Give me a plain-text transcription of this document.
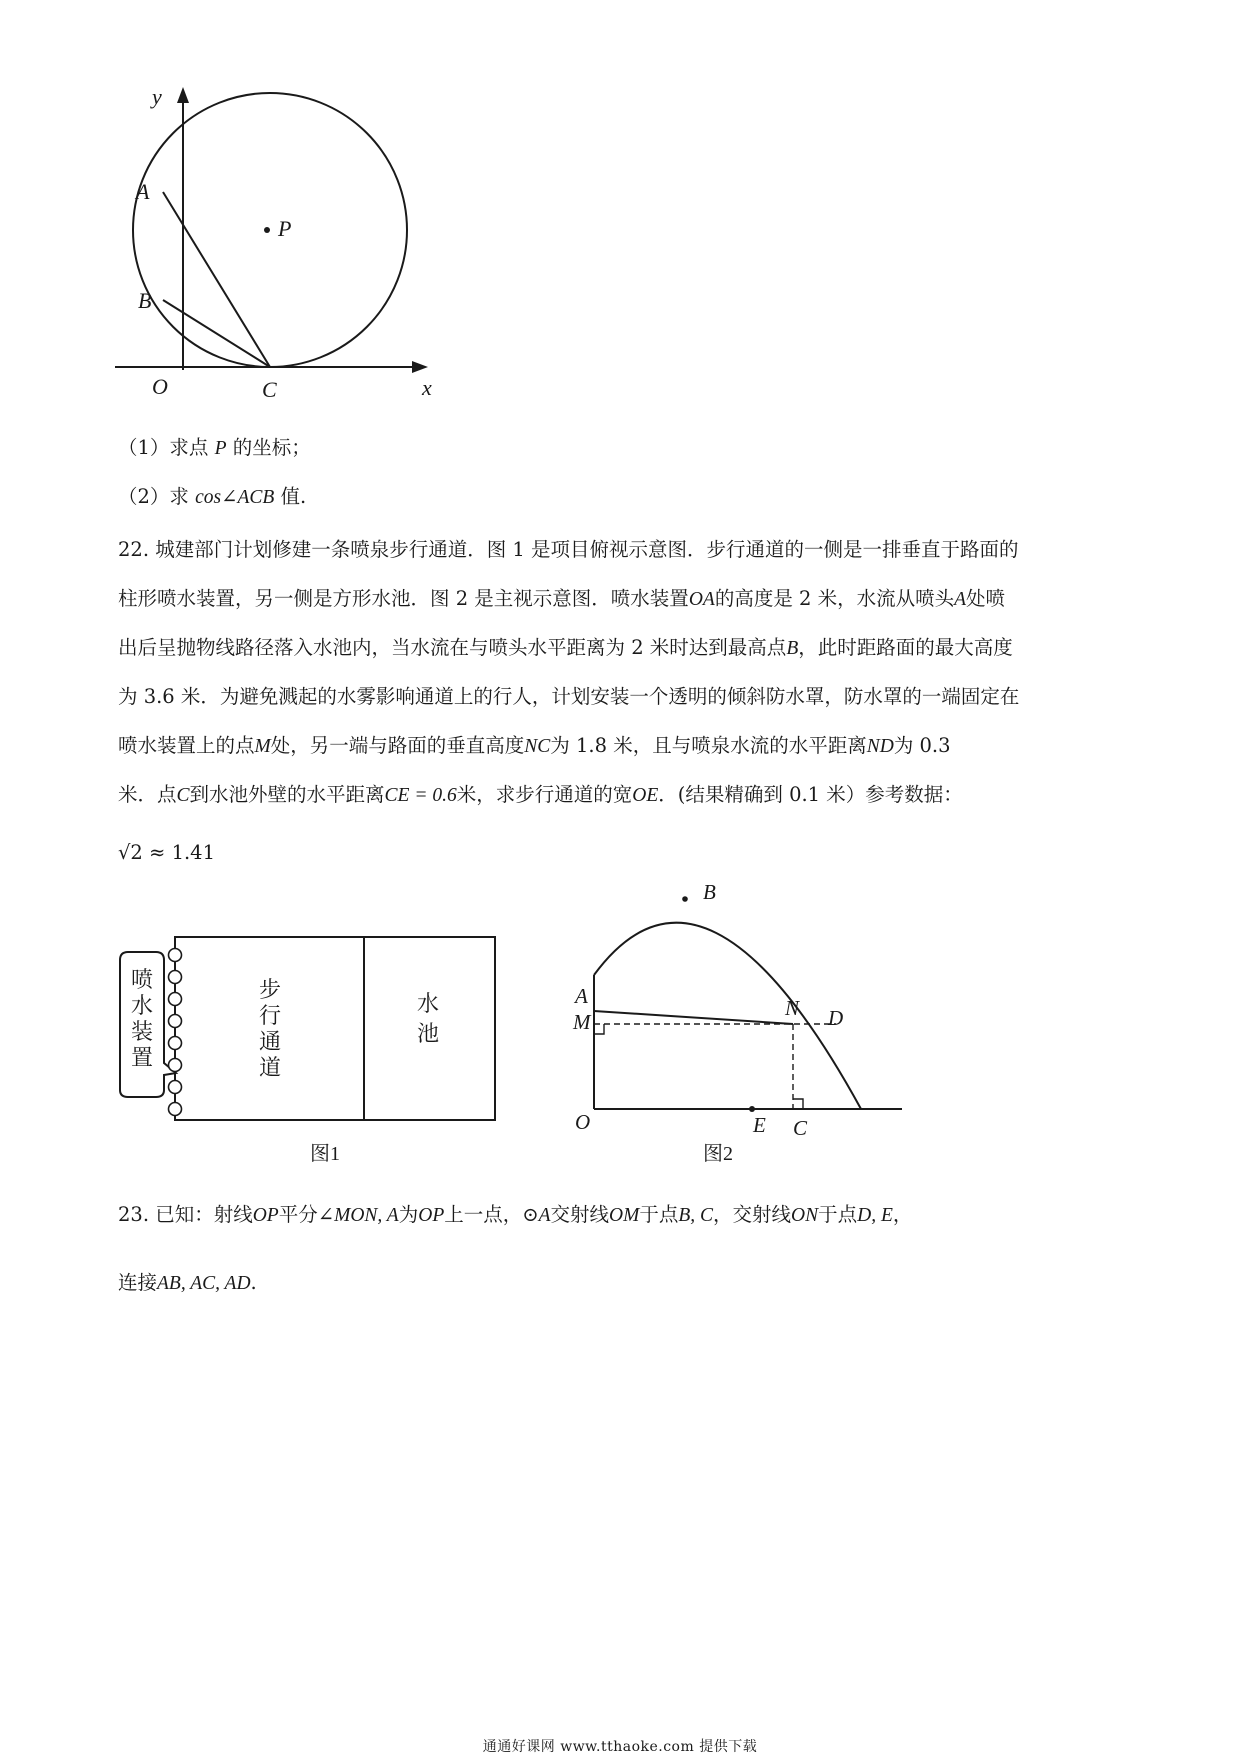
y
A
P
B
O	C	x
（1）求点 P 的坐标；
（2）求 cos∠ACB 值.
22. 城建部门计划修建一条喷泉步行通道．图 1 是项目俯视示意图．步行通道的一侧是一排垂直于路面的
柱形喷水装置，另一侧是方形水池．图 2 是主视示意图．喷水装置OA的高度是 2 米，水流从喷头A处喷
出后呈抛物线路径落入水池内，当水流在与喷头水平距离为 2 米时达到最高点B，此时距路面的最大高度
为 3.6 米．为避免溅起的水雾影响通道上的行人，计划安装一个透明的倾斜防水罩，防水罩的一端固定在
喷水装置上的点M处，另一端与路面的垂直高度NC为 1.8 米，且与喷泉水流的水平距离ND为 0.3
米．点C到水池外壁的水平距离CE = 0.6米，求步行通道的宽OE．(结果精确到 0.1 米）参考数据：
√2 ≈ 1.41
喷
水
装
置
步
行
通
道
水
池
图1
B
A
M
N D
O	E C
图2
23. 已知：射线OP平分∠MON, A为OP上一点，⊙A交射线OM于点B, C，交射线ON于点D, E，
连接AB, AC, AD.
通通好课网 www.tthaoke.com 提供下载
